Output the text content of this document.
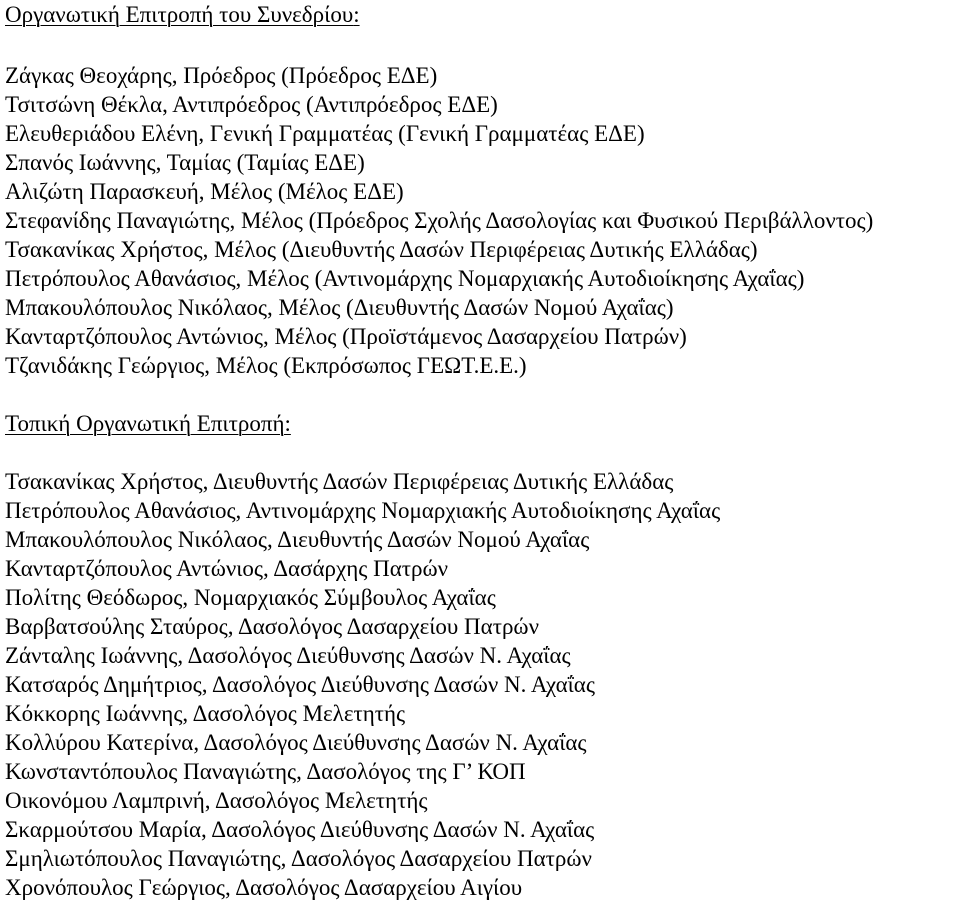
Οργανωτική Επιτροπή του Συνεδρίου:
Ζάγκας Θεοχάρης, Πρόεδρος (Πρόεδρος ΕΔΕ)
Τσιτσώνη Θέκλα, Αντιπρόεδρος (Αντιπρόεδρος ΕΔΕ)
Ελευθεριάδου Ελένη, Γενική Γραμματέας (Γενική Γραμματέας ΕΔΕ)
Σπανός Ιωάννης, Ταμίας (Ταμίας ΕΔΕ)
Αλιζώτη Παρασκευή, Μέλος (Μέλος ΕΔΕ)
Στεφανίδης Παναγιώτης, Μέλος (Πρόεδρος Σχολής Δασολογίας και Φυσικού Περιβάλλοντος)
Τσακανίκας Χρήστος, Μέλος (Διευθυντής Δασών Περιφέρειας Δυτικής Ελλάδας)
Πετρόπουλος Αθανάσιος, Μέλος (Αντινομάρχης Νομαρχιακής Αυτοδιοίκησης Αχαΐας)
Μπακουλόπουλος Νικόλαος, Μέλος (Διευθυντής Δασών Νομού Αχαΐας)
Κανταρτζόπουλος Αντώνιος, Μέλος (Προϊστάμενος Δασαρχείου Πατρών)
Τζανιδάκης Γεώργιος, Μέλος (Εκπρόσωπος ΓΕΩΤ.Ε.Ε.)
Τοπική Οργανωτική Επιτροπή:
Τσακανίκας Χρήστος, Διευθυντής Δασών Περιφέρειας Δυτικής Ελλάδας
Πετρόπουλος Αθανάσιος, Αντινομάρχης Νομαρχιακής Αυτοδιοίκησης Αχαΐας
Μπακουλόπουλος Νικόλαος, Διευθυντής Δασών Νομού Αχαΐας
Κανταρτζόπουλος Αντώνιος, Δασάρχης Πατρών
Πολίτης Θεόδωρος, Νομαρχιακός Σύμβουλος Αχαΐας
Βαρβατσούλης Σταύρος, Δασολόγος Δασαρχείου Πατρών
Ζάνταλης Ιωάννης, Δασολόγος Διεύθυνσης Δασών Ν. Αχαΐας
Κατσαρός Δημήτριος, Δασολόγος Διεύθυνσης Δασών Ν. Αχαΐας
Κόκκορης Ιωάννης, Δασολόγος Μελετητής
Κολλύρου Κατερίνα, Δασολόγος Διεύθυνσης Δασών Ν. Αχαΐας
Κωνσταντόπουλος Παναγιώτης, Δασολόγος της Γ’ ΚΟΠ
Οικονόμου Λαμπρινή, Δασολόγος Μελετητής
Σκαρμούτσου Μαρία, Δασολόγος Διεύθυνσης Δασών Ν. Αχαΐας
Σμηλιωτόπουλος Παναγιώτης, Δασολόγος Δασαρχείου Πατρών
Χρονόπουλος Γεώργιος, Δασολόγος Δασαρχείου Αιγίου
